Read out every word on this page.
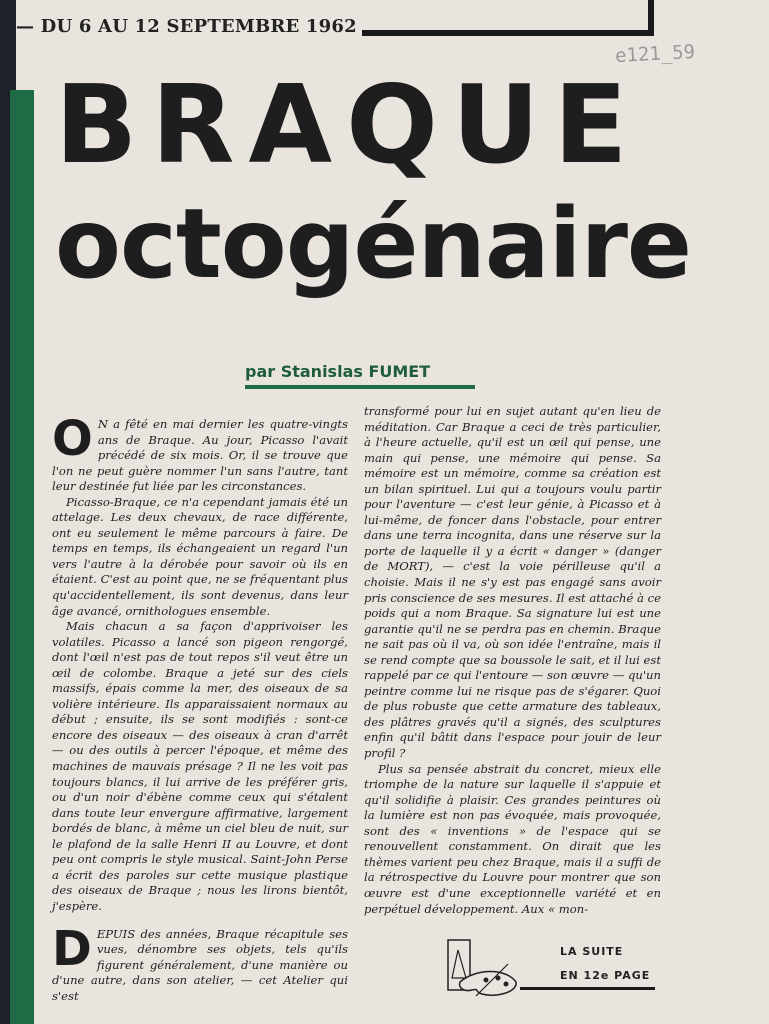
— DU 6 AU 12 SEPTEMBRE 1962
e121_59
BRAQUE
octogénaire
par Stanislas FUMET
O N a fêté en mai dernier les quatre-vingts ans de Braque. Au jour, Picasso l'avait précédé de six mois. Or, il se trouve que l'on ne peut guère nommer l'un sans l'autre, tant leur destinée fut liée par les circonstances.

Picasso-Braque, ce n'a cependant jamais été un attelage. Les deux chevaux, de race différente, ont eu seulement le même parcours à faire. De temps en temps, ils échangeaient un regard l'un vers l'autre à la dérobée pour savoir où ils en étaient. C'est au point que, ne se fréquentant plus qu'accidentellement, ils sont devenus, dans leur âge avancé, ornithologues ensemble.

Mais chacun a sa façon d'apprivoiser les volatiles. Picasso a lancé son pigeon rengorgé, dont l'œil n'est pas de tout repos s'il veut être un œil de colombe. Braque a jeté sur des ciels massifs, épais comme la mer, des oiseaux de sa volière intérieure. Ils apparaissaient normaux au début ; ensuite, ils se sont modifiés : sont-ce encore des oiseaux — des oiseaux à cran d'arrêt — ou des outils à percer l'époque, et même des machines de mauvais présage ? Il ne les voit pas toujours blancs, il lui arrive de les préférer gris, ou d'un noir d'ébène comme ceux qui s'étalent dans toute leur envergure affirmative, largement bordés de blanc, à même un ciel bleu de nuit, sur le plafond de la salle Henri II au Louvre, et dont peu ont compris le style musical. Saint-John Perse a écrit des paroles sur cette musique plastique des oiseaux de Braque ; nous les lirons bientôt, j'espère.

D EPUIS des années, Braque récapitule ses vues, dénombre ses objets, tels qu'ils figurent généralement, d'une manière ou d'une autre, dans son atelier, — cet Atelier qui s'est

transformé pour lui en sujet autant qu'en lieu de méditation. Car Braque a ceci de très particulier, à l'heure actuelle, qu'il est un œil qui pense, une main qui pense, une mémoire qui pense. Sa mémoire est un mémoire, comme sa création est un bilan spirituel. Lui qui a toujours voulu partir pour l'aventure — c'est leur génie, à Picasso et à lui-même, de foncer dans l'obstacle, pour entrer dans une terra incognita, dans une réserve sur la porte de laquelle il y a écrit « danger » (danger de MORT), — c'est la voie périlleuse qu'il a choisie. Mais il ne s'y est pas engagé sans avoir pris conscience de ses mesures. Il est attaché à ce poids qui a nom Braque. Sa signature lui est une garantie qu'il ne se perdra pas en chemin. Braque ne sait pas où il va, où son idée l'entraîne, mais il se rend compte que sa boussole le sait, et il lui est rappelé par ce qui l'entoure — son œuvre — qu'un peintre comme lui ne risque pas de s'égarer. Quoi de plus robuste que cette armature des tableaux, des plâtres gravés qu'il a signés, des sculptures enfin qu'il bâtit dans l'espace pour jouir de leur profil ?

Plus sa pensée abstrait du concret, mieux elle triomphe de la nature sur laquelle il s'appuie et qu'il solidifie à plaisir. Ces grandes peintures où la lumière est non pas évoquée, mais provoquée, sont des « inventions » de l'espace qui se renouvellent constamment. On dirait que les thèmes varient peu chez Braque, mais il a suffi de la rétrospective du Louvre pour montrer que son œuvre est d'une exceptionnelle variété et en perpétuel développement. Aux « mon-

LA SUITE
EN 12e PAGE
